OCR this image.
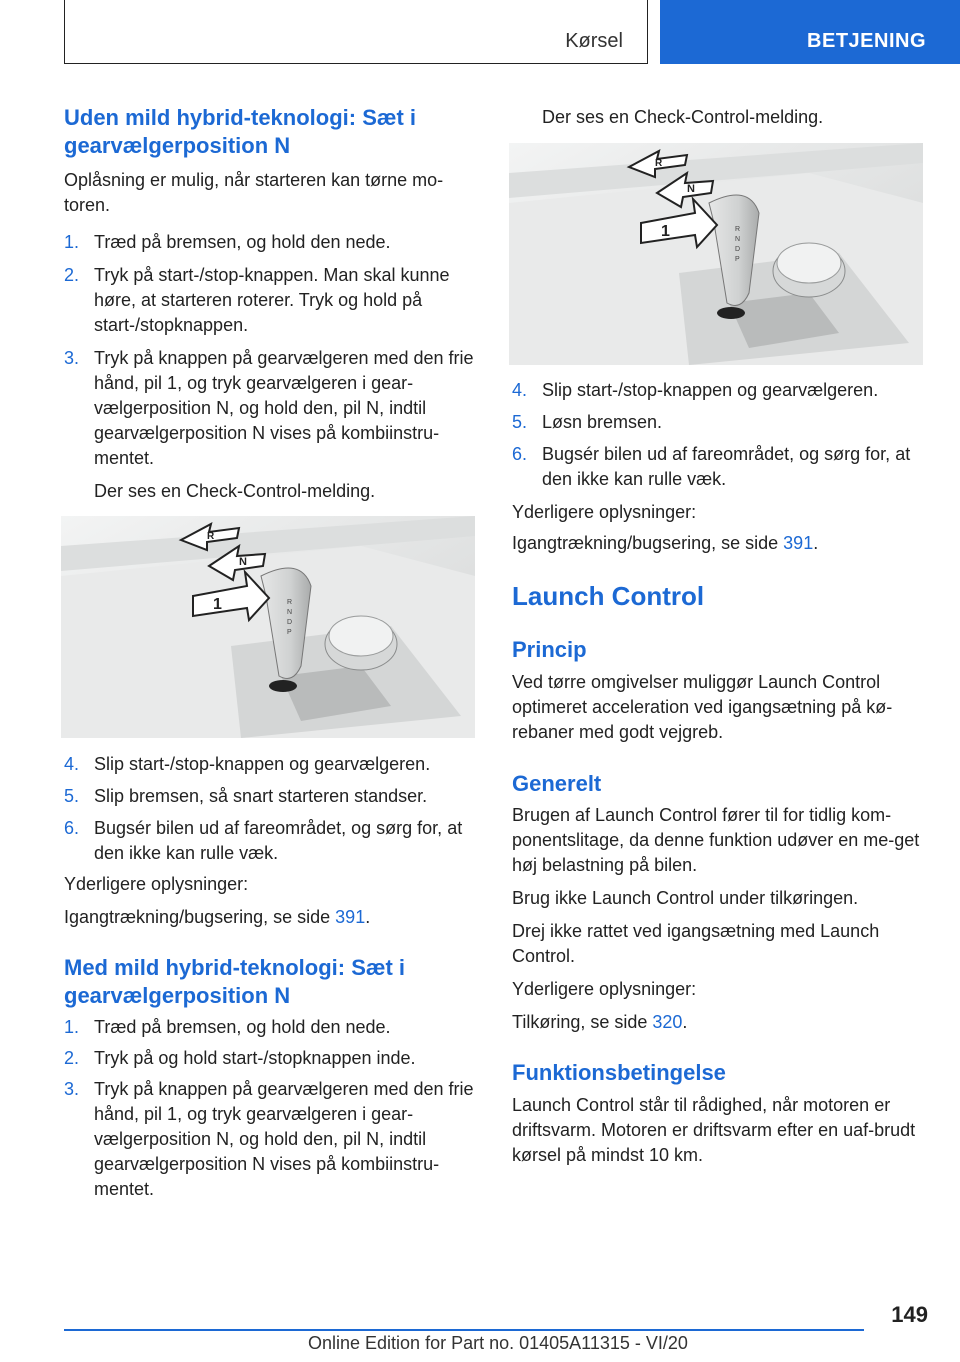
Kørsel	BETJENING
Uden mild hybrid-teknologi: Sæt i gearvælgerposition N

Oplåsning er mulig, når starteren kan tørne mo-toren.

1. Træd på bremsen, og hold den nede.
2. Tryk på start-/stop-knappen. Man skal kunne høre, at starteren roterer. Tryk og hold på start-/stopknappen.
3. Tryk på knappen på gearvælgeren med den frie hånd, pil 1, og tryk gearvælgeren i gear-vælgerposition N, og hold den, pil N, indtil gearvælgerposition N vises på kombiinstru-mentet.

Der ses en Check-Control-melding.

R
N
D
P
R
N
1
4. Slip start-/stop-knappen og gearvælgeren.
5. Slip bremsen, så snart starteren standser.
6. Bugsér bilen ud af fareområdet, og sørg for, at den ikke kan rulle væk.

Yderligere oplysninger:

Igangtrækning/bugsering, se side 391.

Med mild hybrid-teknologi: Sæt i gearvælgerposition N
1. Træd på bremsen, og hold den nede.
2. Tryk på og hold start-/stopknappen inde.
3. Tryk på knappen på gearvælgeren med den frie hånd, pil 1, og tryk gearvælgeren i gear-vælgerposition N, og hold den, pil N, indtil gearvælgerposition N vises på kombiinstru-mentet.

Der ses en Check-Control-melding.

R
N
D
P
R
N
1
4. Slip start-/stop-knappen og gearvælgeren.
5. Løsn bremsen.
6. Bugsér bilen ud af fareområdet, og sørg for, at den ikke kan rulle væk.

Yderligere oplysninger:

Igangtrækning/bugsering, se side 391.

Launch Control
Princip

Ved tørre omgivelser muliggør Launch Control optimeret acceleration ved igangsætning på kø-rebaner med godt vejgreb.

Generelt

Brugen af Launch Control fører til for tidlig kom-ponentslitage, da denne funktion udøver en me-get høj belastning på bilen.

Brug ikke Launch Control under tilkøringen.

Drej ikke rattet ved igangsætning med Launch Control.

Yderligere oplysninger:

Tilkøring, se side 320.

Funktionsbetingelse

Launch Control står til rådighed, når motoren er driftsvarm. Motoren er driftsvarm efter en uaf-brudt kørsel på mindst 10 km.

149
Online Edition for Part no. 01405A11315 - VI/20
